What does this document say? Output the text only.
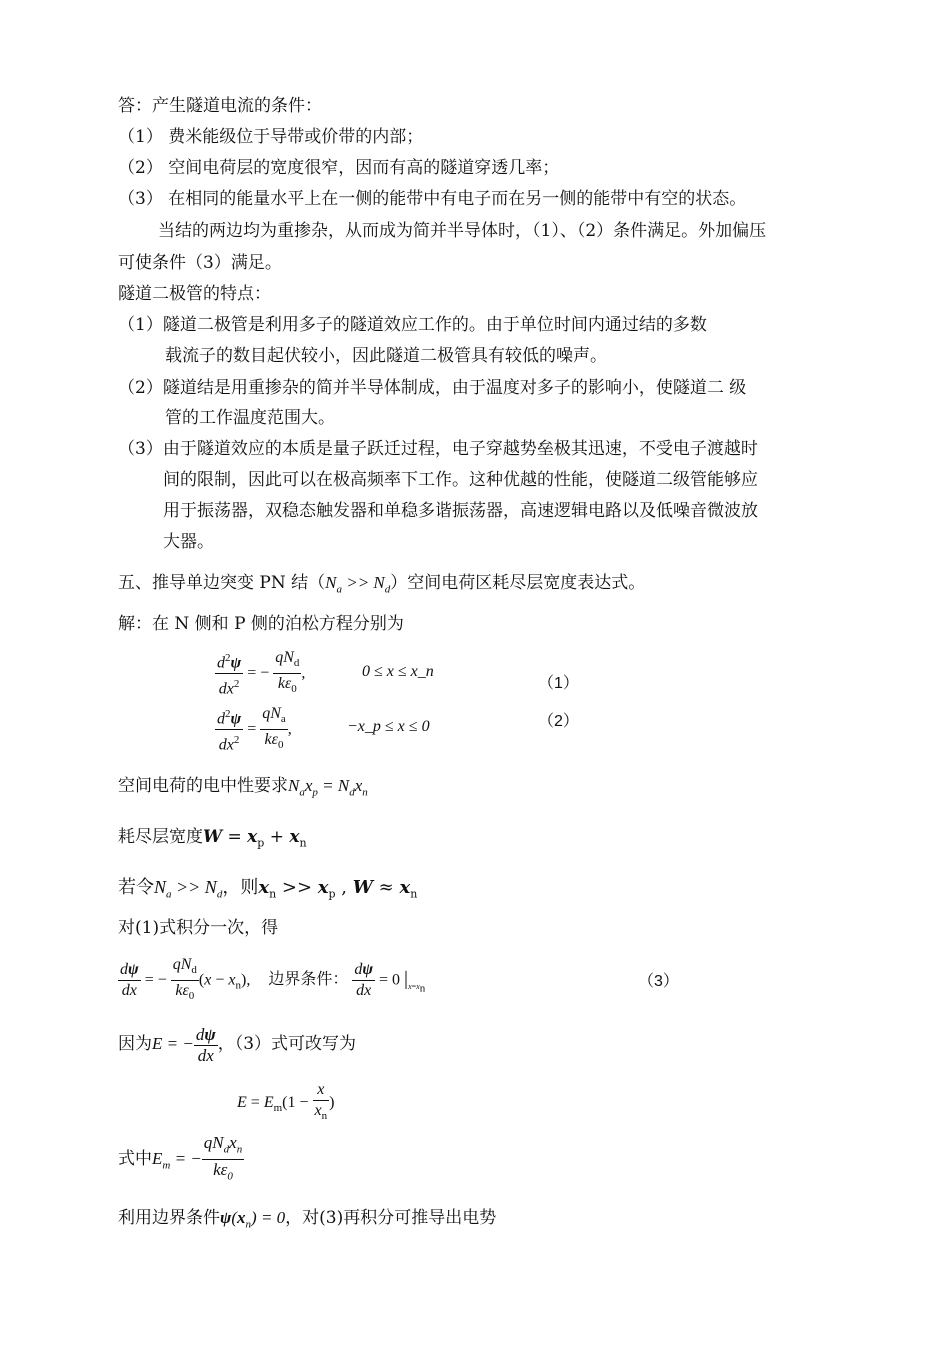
答：产生隧道电流的条件：
（1） 费米能级位于导带或价带的内部；
（2） 空间电荷层的宽度很窄，因而有高的隧道穿透几率；
（3） 在相同的能量水平上在一侧的能带中有电子而在另一侧的能带中有空的状态。
当结的两边均为重掺杂，从而成为简并半导体时，（1）、（2）条件满足。外加偏压
可使条件（3）满足。
隧道二极管的特点：
（1）隧道二极管是利用多子的隧道效应工作的。由于单位时间内通过结的多数
载流子的数目起伏较小，因此隧道二极管具有较低的噪声。
（2）隧道结是用重掺杂的简并半导体制成，由于温度对多子的影响小，使隧道二 级
管的工作温度范围大。
（3）由于隧道效应的本质是量子跃迁过程，电子穿越势垒极其迅速，不受电子渡越时
间的限制，因此可以在极高频率下工作。这种优越的性能，使隧道二级管能够应
用于振荡器，双稳态触发器和单稳多谐振荡器，高速逻辑电路以及低噪音微波放
大器。
五、推导单边突变 PN 结$(N_a >> N_d)$空间电荷区耗尽层宽度表达式。
解：在 N 侧和 P 侧的泊松方程分别为
$\frac{d^2\psi}{dx^2}$ = − $\frac{qN_d}{k\varepsilon_0}$ ,	0 ≤ x ≤ x_n
（1）
$\frac{d^2\psi}{dx^2} = \frac{qN_a}{k\varepsilon_0}$ ,	−x_p ≤ x ≤ 0	（2）
空间电荷的电中性要求$N_ax_p = N_dx_n$
耗尽层宽度$W = x_p + x_n$
若令$N_a >> N_d$，则$x_n >> x_p$ , $W \approx x_n$
对(1)式积分一次，得
$\frac{d\psi}{dx}$ = − $\frac{qN_d}{k\varepsilon_0} (x - x_n)$, 边界条件： $\frac{d\psi}{dx} = 0$ $|_{x=x_n}$	（3）
因为E = − $\frac{d\psi}{dx}$ ，（3）式可改写为
$E = E_m(1 - \frac{x}{x_n}$ )
式中$E_m$ = − $\frac{qN_dx_n}{k\varepsilon_0}$
利用边界条件$\psi(x_n) = 0$，对(3)再积分可推导出电势
